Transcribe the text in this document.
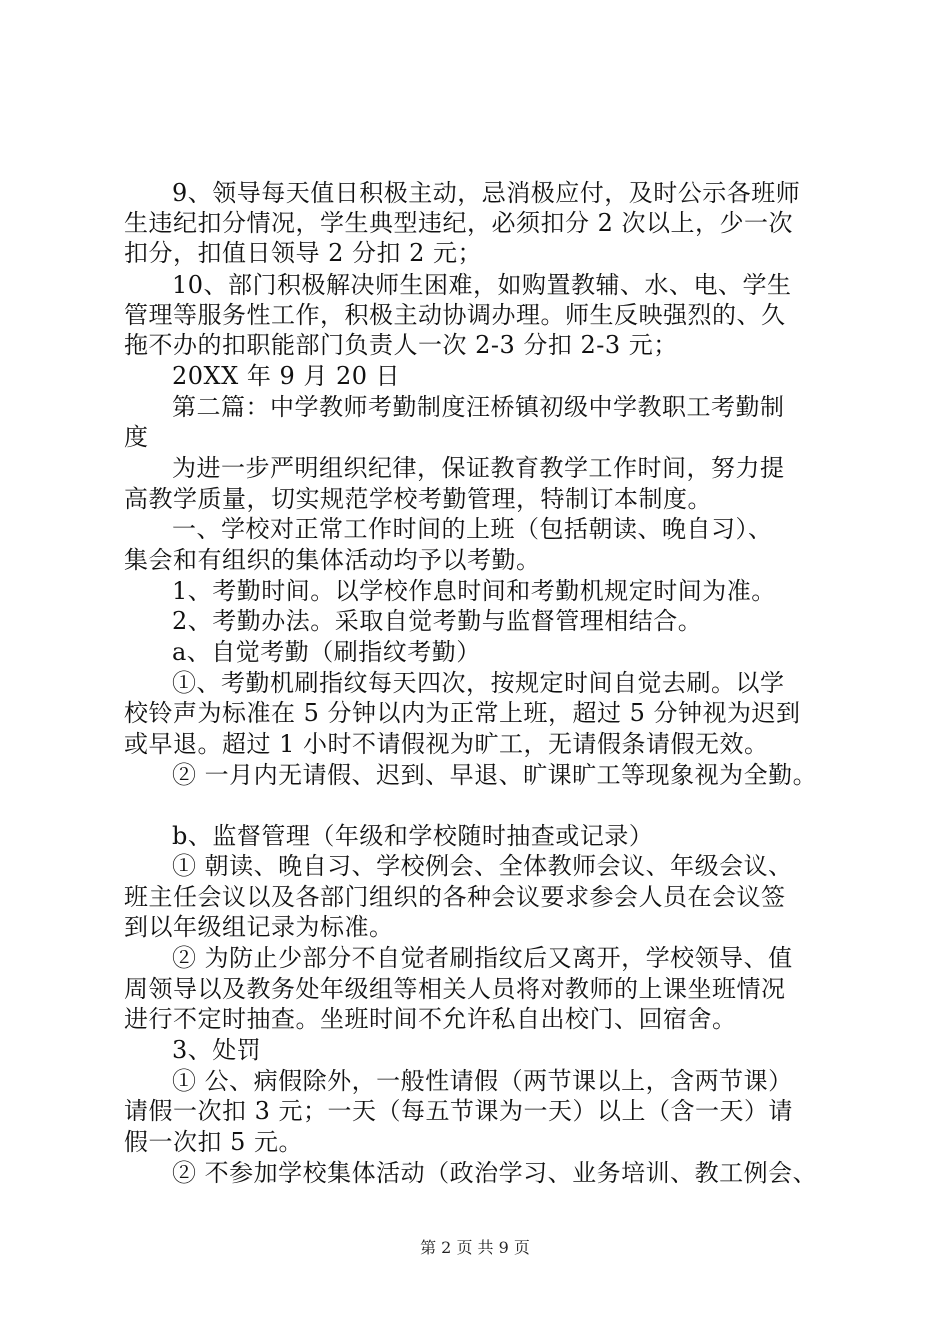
9、领导每天值日积极主动，忌消极应付，及时公示各班师
生违纪扣分情况，学生典型违纪，必须扣分 2 次以上，少一次
扣分，扣值日领导 2 分扣 2 元；
10、部门积极解决师生困难，如购置教辅、水、电、学生
管理等服务性工作，积极主动协调办理。师生反映强烈的、久
拖不办的扣职能部门负责人一次 2-3 分扣 2-3 元；
20XX 年 9 月 20 日
第二篇：中学教师考勤制度汪桥镇初级中学教职工考勤制
度
为进一步严明组织纪律，保证教育教学工作时间，努力提
高教学质量，切实规范学校考勤管理，特制订本制度。
一、学校对正常工作时间的上班（包括朝读、晚自习）、
集会和有组织的集体活动均予以考勤。
1、考勤时间。以学校作息时间和考勤机规定时间为准。
2、考勤办法。采取自觉考勤与监督管理相结合。
a、自觉考勤（刷指纹考勤）
①、考勤机刷指纹每天四次，按规定时间自觉去刷。以学
校铃声为标准在 5 分钟以内为正常上班，超过 5 分钟视为迟到
或早退。超过 1 小时不请假视为旷工，无请假条请假无效。
② 一月内无请假、迟到、早退、旷课旷工等现象视为全勤。
b、监督管理（年级和学校随时抽查或记录）
① 朝读、晚自习、学校例会、全体教师会议、年级会议、
班主任会议以及各部门组织的各种会议要求参会人员在会议签
到以年级组记录为标准。
② 为防止少部分不自觉者刷指纹后又离开，学校领导、值
周领导以及教务处年级组等相关人员将对教师的上课坐班情况
进行不定时抽查。坐班时间不允许私自出校门、回宿舍。
3、处罚
① 公、病假除外，一般性请假（两节课以上，含两节课）
请假一次扣 3 元；一天（每五节课为一天）以上（含一天）请
假一次扣 5 元。
② 不参加学校集体活动（政治学习、业务培训、教工例会、
第 2 页 共 9 页
